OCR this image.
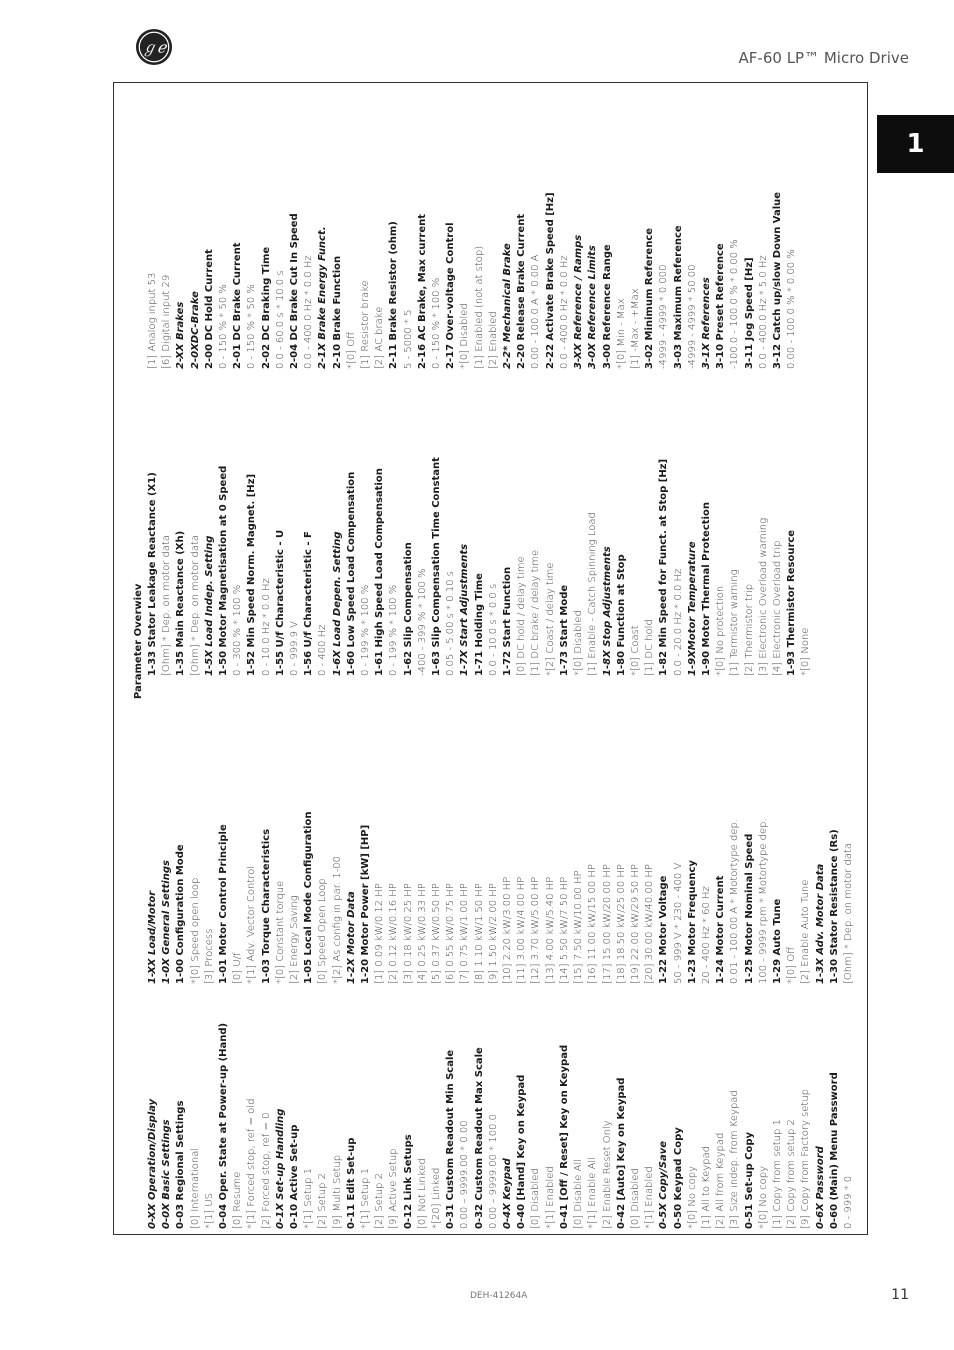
ℊℯ
AF-60 LP™ Micro Drive
1
Parameter Overwiev
0-XX Operation/Display 0-0X Basic Settings 0-03 Regional Settings [0] International *[1] US 0-04 Oper. State at Power-up (Hand) [0] Resume *[1] Forced stop, ref = old [2] Forced stop, ref = 0 0-1X Set-up Handling 0-10 Active Set-up *[1] Setup 1 [2] Setup 2 [9] Multi Setup 0-11 Edit Set-up *[1] Setup 1 [2] Setup 2 [9] Active Setup 0-12 Link Setups [0] Not Linked *[20] Linked 0-31 Custom Readout Min Scale 0.00 – 9999.00 * 0.00 0-32 Custom Readout Max Scale 0.00 – 9999.00 * 100.0 0-4X Keypad 0-40 [Hand] Key on Keypad [0] Disabled *[1] Enabled 0-41 [Off / Reset] Key on Keypad [0] Disable All *[1] Enable All [2] Enable Reset Only 0-42 [Auto] Key on Keypad [0] Disabled *[1] Enabled 0-5X Copy/Save 0-50 Keypad Copy *[0] No copy [1] All to Keypad [2] All from Keypad [3] Size indep. from Keypad 0-51 Set-up Copy *[0] No copy [1] Copy from setup 1 [2] Copy from setup 2 [9] Copy from Factory setup 0-6X Password 0-60 (Main) Menu Password 0 - 999 * 0
1-XX Load/Motor 1-0X General Settings 1-00 Configuration Mode *[0] Speed open loop [3] Process 1-01 Motor Control Principle [0] U/f *[1] Adv. Vector Control 1-03 Torque Characteristics *[0] Constant torque [2] Energy Saving 1-05 Local Mode Configuration [0] Speed Open Loop *[2] As config in par. 1-00 1-2X Motor Data 1-20 Motor Power [kW] [HP] [1] 0.09 kW/0.12 HP [2] 0.12 kW/0.16 HP [3] 0.18 kW/0.25 HP [4] 0.25 kW/0.33 HP [5] 0.37 kW/0.50 HP [6] 0.55 kW/0.75 HP [7] 0.75 kW/1.00 HP [8] 1.10 kW/1.50 HP [9] 1.50 kW/2.00 HP [10] 2.20 kW/3.00 HP [11] 3.00 kW/4.00 HP [12] 3.70 kW/5.00 HP [13] 4.00 kW/5.40 HP [14] 5.50 kW/7.50 HP [15] 7.50 kW/10.00 HP [16] 11.00 kW/15.00 HP [17] 15.00 kW/20.00 HP [18] 18.50 kW/25.00 HP [19] 22.00 kW/29.50 HP [20] 30.00 kW/40.00 HP 1-22 Motor Voltage 50 - 999 V * 230 - 400 V 1-23 Motor Frequency 20 - 400 Hz * 60 Hz 1-24 Motor Current 0.01 - 100.00 A * Motortype dep. 1-25 Motor Nominal Speed 100 - 9999 rpm * Motortype dep. 1-29 Auto Tune *[0] Off [2] Enable Auto Tune 1-3X Adv. Motor Data 1-30 Stator Resistance (Rs) [Ohm] * Dep. on motor data
1-33 Stator Leakage Reactance (X1) [Ohm] * Dep. on motor data 1-35 Main Reactance (Xh) [Ohm] * Dep. on motor data 1-5X Load Indep. Setting 1-50 Motor Magnetisation at 0 Speed 0 - 300 % * 100 % 1-52 Min Speed Norm. Magnet. [Hz] 0 - 10.0 Hz * 0.0 Hz 1-55 U/f Characteristic - U 0 - 999.9 V 1-56 U/f Characteristic - F 0 - 400 Hz 1-6X Load Depen. Setting 1-60 Low Speed Load Compensation 0 - 199 % * 100 % 1-61 High Speed Load Compensation 0 - 199 % * 100 % 1-62 Slip Compensation -400 - 399 % * 100 % 1-63 Slip Compensation Time Constant 0.05 - 5.00 s * 0.10 s 1-7X Start Adjustments 1-71 Holding Time 0.0 - 10.0 s * 0.0 s 1-72 Start Function [0] DC hold / delay time [1] DC brake / delay time *[2] Coast / delay time 1-73 Start Mode *[0] Disabled [1] Enable - Catch Spinning Load 1-8X Stop Adjustments 1-80 Function at Stop *[0] Coast [1] DC hold 1-82 Min Speed for Funct. at Stop [Hz] 0.0 - 20.0 Hz * 0.0 Hz 1-9XMotor Temperature 1-90 Motor Thermal Protection *[0] No protection [1] Termistor warning [2] Thermistor trip [3] Electronic Overload warning [4] Electronic Overload trip 1-93 Thermistor Resource *[0] None
[1] Analog input 53 [6] Digital input 29 2-XX Brakes 2-0XDC-Brake 2-00 DC Hold Current 0 - 150 % * 50 % 2-01 DC Brake Current 0 - 150 % * 50 % 2-02 DC Braking Time 0.0 - 60.0 s * 10.0 s 2-04 DC Brake Cut In Speed 0.0 - 400.0 Hz * 0.0 Hz 2-1X Brake Energy Funct. 2-10 Brake Function *[0] Off [1] Resistor brake [2] AC brake 2-11 Brake Resistor (ohm) 5 - 5000 * 5 2-16 AC Brake, Max current 0 - 150 % * 100 % 2-17 Over-voltage Control *[0] Disabled [1] Enabled (not at stop) [2] Enabled 2-2* Mechanical Brake 2-20 Release Brake Current 0.00 - 100.0 A * 0.00 A 2-22 Activate Brake Speed [Hz] 0.0 - 400.0 Hz * 0.0 Hz 3-XX Reference / Ramps 3-0X Reference Limits 3-00 Reference Range *[0] Min - Max [1] -Max - +Max 3-02 Minimum Reference -4999 - 4999 * 0.000 3-03 Maximum Reference -4999 - 4999 * 50.00 3-1X References 3-10 Preset Reference -100.0 - 100.0 % * 0.00 % 3-11 Jog Speed [Hz] 0.0 - 400.0 Hz * 5.0 Hz 3-12 Catch up/slow Down Value 0.00 - 100.0 % * 0.00 %
DEH-41264A	11
